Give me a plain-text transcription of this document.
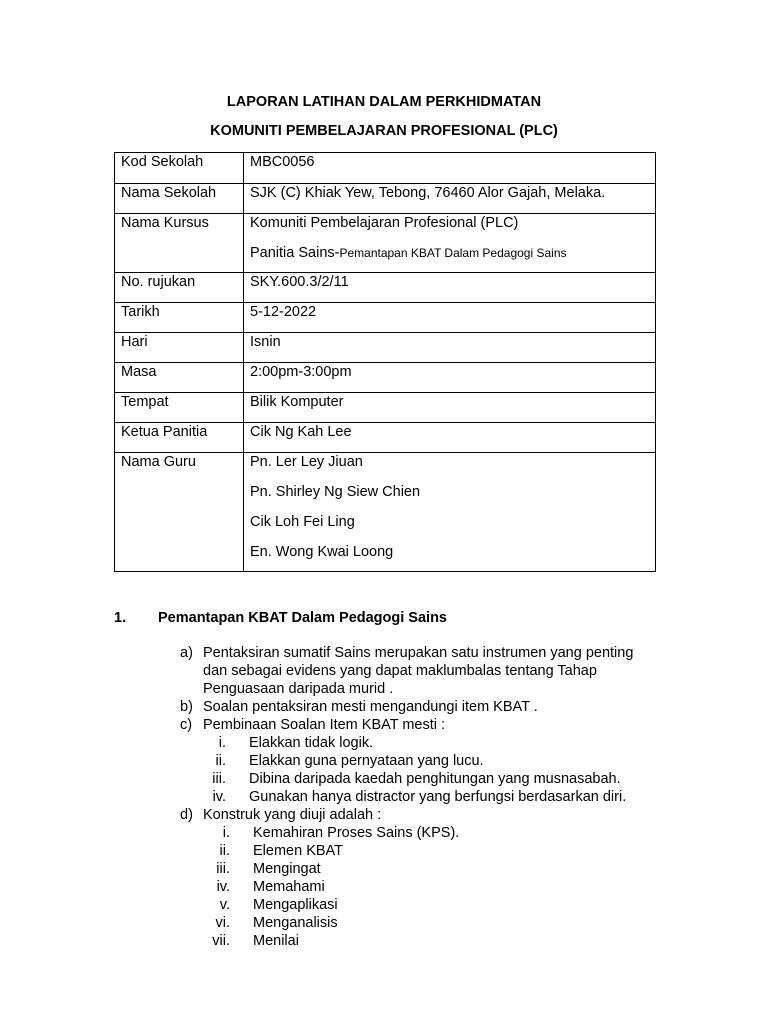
LAPORAN LATIHAN DALAM PERKHIDMATAN
KOMUNITI PEMBELAJARAN PROFESIONAL (PLC)
Kod Sekolah	MBC0056

Nama Sekolah	SJK (C) Khiak Yew, Tebong, 76460 Alor Gajah, Melaka.

Nama Kursus	Komuniti Pembelajaran Profesional (PLC)
Panitia Sains-Pemantapan KBAT Dalam Pedagogi Sains

No. rujukan	SKY.600.3/2/11

Tarikh	5-12-2022

Hari	Isnin

Masa	2:00pm-3:00pm

Tempat	Bilik Komputer

Ketua Panitia	Cik Ng Kah Lee

Nama Guru	Pn. Ler Ley Jiuan
Pn. Shirley Ng Siew Chien
Cik Loh Fei Ling
En. Wong Kwai Loong
1. Pemantapan KBAT Dalam Pedagogi Sains
a) Pentaksiran sumatif Sains merupakan satu instrumen yang penting
dan sebagai evidens yang dapat maklumbalas tentang Tahap
Penguasaan daripada murid .
b) Soalan pentaksiran mesti mengandungi item KBAT .
c) Pembinaan Soalan Item KBAT mesti :
i. Elakkan tidak logik.
ii. Elakkan guna pernyataan yang lucu.
iii. Dibina daripada kaedah penghitungan yang musnasabah.
iv. Gunakan hanya distractor yang berfungsi berdasarkan diri.
d) Konstruk yang diuji adalah :
i. Kemahiran Proses Sains (KPS).
ii. Elemen KBAT
iii. Mengingat
iv. Memahami
v. Mengaplikasi
vi. Menganalisis
vii. Menilai
